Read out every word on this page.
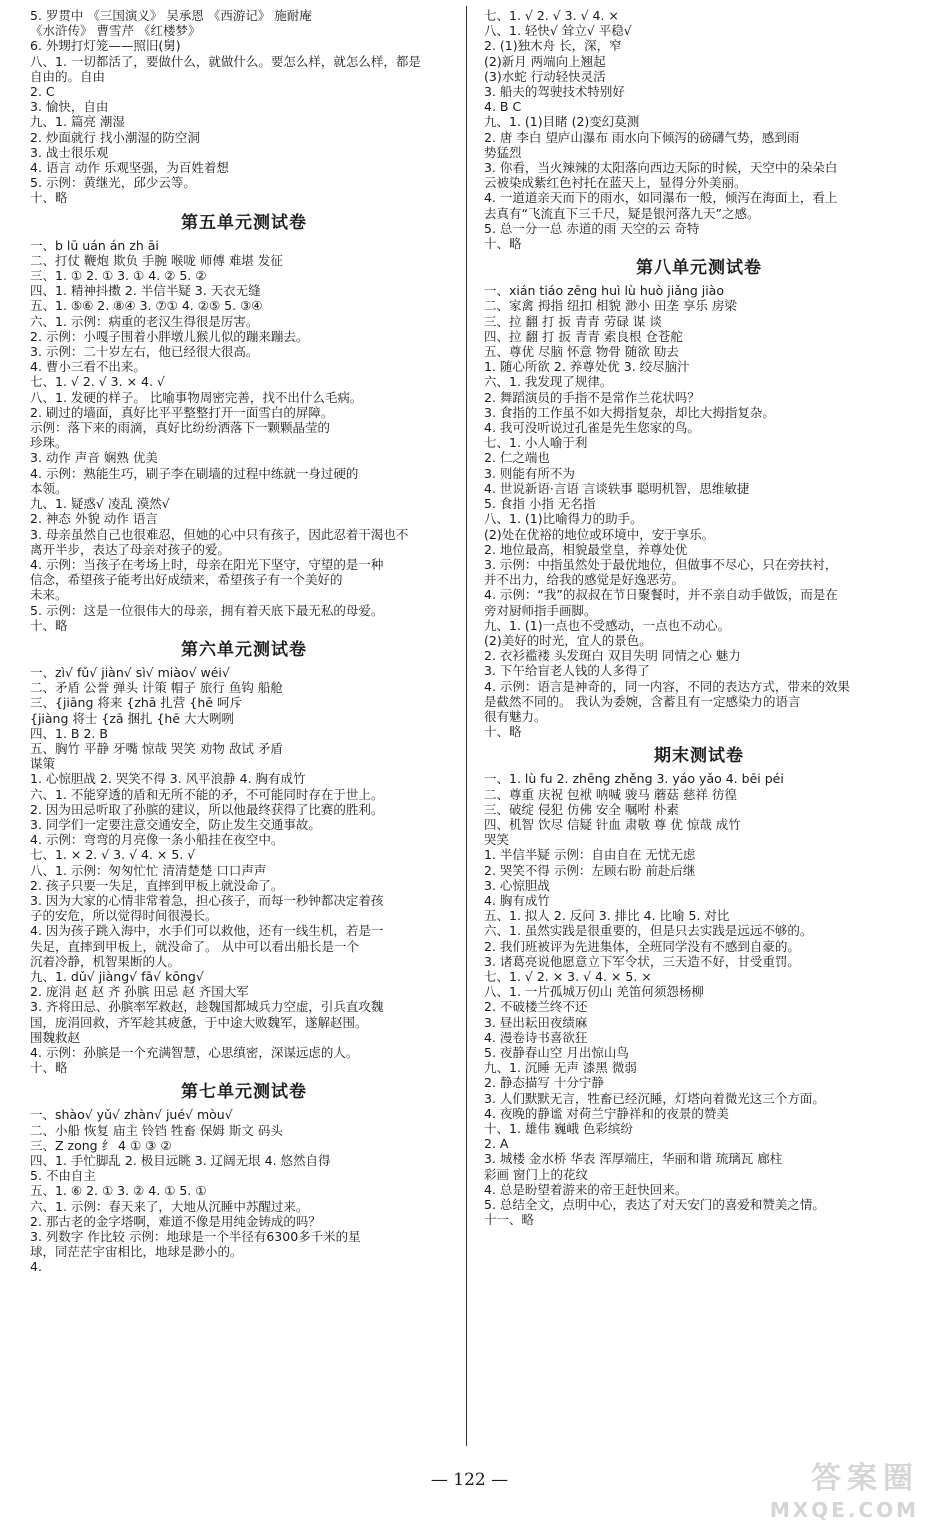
5. 罗贯中 《三国演义》 吴承恩 《西游记》 施耐庵
《水浒传》 曹雪芹 《红楼梦》
6. 外甥打灯笼——照旧(舅)
八、1. 一切都活了，要做什么，就做什么。要怎么样，就怎么样，都是
自由的。自由
2. C
3. 愉快，自由
九、1. 篇亮 潮湿
2. 炒面就行 找小潮湿的防空洞
3. 战士很乐观
4. 语言 动作 乐观坚强，为百姓着想
5. 示例：黄继光，邱少云等。
十、略
第五单元测试卷
一、b lū uán án zh āi
二、打仗 鞭炮 欺负 手腕 喉咙 师傅 难堪 发征
三、1. ① 2. ① 3. ① 4. ② 5. ②
四、1. 精神抖擞 2. 半信半疑 3. 天衣无缝
五、1. ⑤⑥ 2. ⑧④ 3. ⑦① 4. ②⑤ 5. ③④
六、1. 示例：病重的老汉生得很是厉害。
2. 示例：小嘎子围着小胖墩儿猴儿似的蹦来蹦去。
3. 示例：二十岁左右，他已经很大很高。
4. 曹小三看不出来。
七、1. √ 2. √ 3. × 4. √
八、1. 发硬的样子。 比喻事物周密完善，找不出什么毛病。
2. 刷过的墙面，真好比平平整整打开一面雪白的屏障。
示例：落下来的雨滴，真好比纷纷洒落下一颗颗晶莹的
珍珠。
3. 动作 声音 娴熟 优美
4. 示例：熟能生巧，刷子李在刷墙的过程中练就一身过硬的
本领。
九、1. 疑惑√ 凌乱 漠然√
2. 神态 外貌 动作 语言
3. 母亲虽然自己也很难忍，但她的心中只有孩子，因此忍着干渴也不
离开半步，表达了母亲对孩子的爱。
4. 示例：当孩子在考场上时，母亲在阳光下坚守，守望的是一种
信念，希望孩子能考出好成绩来，希望孩子有一个美好的
未来。
5. 示例：这是一位很伟大的母亲，拥有着天底下最无私的母爱。
十、略
第六单元测试卷
一、zì√ fǔ√ jiàn√ sì√ miào√ wéi√
二、矛盾 公誉 弹头 计策 帽子 旅行 鱼钩 船舱
三、{jiāng 将来 {zhā 扎营 {hē 呵斥
{jiàng 将士 {zā 捆扎 {hē 大大咧咧
四、1. B 2. B
五、胸竹 平静 牙嘴 惊哉 哭笑 劝物 敌试 矛盾
谋策
1. 心惊胆战 2. 哭笑不得 3. 风平浪静 4. 胸有成竹
六、1. 不能穿透的盾和无所不能的矛，不可能同时存在于世上。
2. 因为田忌听取了孙膑的建议，所以他最终获得了比赛的胜利。
3. 同学们一定要注意交通安全，防止发生交通事故。
4. 示例：弯弯的月亮像一条小船挂在夜空中。
七、1. × 2. √ 3. √ 4. × 5. √
八、1. 示例：匆匆忙忙 清清楚楚 口口声声
2. 孩子只要一失足，直摔到甲板上就没命了。
3. 因为大家的心情非常着急，担心孩子，而每一秒钟都决定着孩
子的安危，所以觉得时间很漫长。
4. 因为孩子跳入海中，水手们可以救他，还有一线生机，若是一
失足，直摔到甲板上，就没命了。 从中可以看出船长是一个
沉着冷静，机智果断的人。
九、1. dǔ√ jiàng√ fā√ kōng√
2. 庞涓 赵 赵 齐 孙膑 田忌 赵 齐国大军
3. 齐将田忌、孙膑率军救赵，趁魏国都城兵力空虚，引兵直攻魏
国，庞涓回救，齐军趁其疲惫，于中途大败魏军，遂解赵围。
围魏救赵
4. 示例：孙膑是一个充满智慧，心思缜密，深谋远虑的人。
十、略
第七单元测试卷
一、shào√ yǔ√ zhàn√ jué√ mòu√
二、小船 恢复 庙主 铃铛 牲畜 保姆 斯文 码头
三、Z zong 纟 4 ① ③ ②
四、1. 手忙脚乱 2. 极目远眺 3. 辽阔无垠 4. 悠然自得
5. 不由自主
五、1. ⑥ 2. ① 3. ② 4. ① 5. ①
六、1. 示例：春天来了，大地从沉睡中苏醒过来。
2. 那古老的金字塔啊，难道不像是用纯金铸成的吗？
3. 列数字 作比较 示例：地球是一个半径有6300多千米的星
球，同茫茫宇宙相比，地球是渺小的。
4.
七、1. √ 2. √ 3. √ 4. ×
八、1. 轻快√ 耸立√ 平稳√
2. (1)独木舟 长，深，窄
(2)新月 两端向上翘起
(3)水蛇 行动轻快灵活
3. 船夫的驾驶技术特别好
4. B C
九、1. (1)目睹 (2)变幻莫测
2. 唐 李白 望庐山瀑布 雨水向下倾泻的磅礴气势，感到雨
势猛烈
3. 你看，当火辣辣的太阳落向西边天际的时候，天空中的朵朵白
云被染成紫红色衬托在蓝天上，显得分外美丽。
4. 一道道亲天而下的雨水，如同瀑布一般，倾泻在海面上，看上
去真有“飞流直下三千尺，疑是银河落九天”之感。
5. 总一分一总 赤道的雨 天空的云 奇特
十、略
第八单元测试卷
一、xián tiáo zēng huì lù huò jiǎng jiào
二、家禽 拇指 纽扣 相貌 渺小 田垄 享乐 房梁
三、拉 翻 打 扳 青青 劳碌 谋 谈
四、拉 翻 打 扳 青青 索良根 仓苍舵
五、尊优 尽脑 怀意 物骨 随欲 劻去
1. 随心所欲 2. 养尊处优 3. 绞尽脑汁
六、1. 我发现了规律。
2. 舞蹈演员的手指不是常作兰花状吗？
3. 食指的工作虽不如大拇指复杂，却比大拇指复杂。
4. 我可没听说过孔雀是先生您家的鸟。
七、1. 小人喻于利
2. 仁之端也
3. 则能有所不为
4. 世说新语·言语 言谈轶事 聪明机智，思维敏捷
5. 食指 小指 无名指
八、1. (1)比喻得力的助手。
(2)处在优裕的地位或环境中，安于享乐。
2. 地位最高，相貌最堂皇，养尊处优
3. 示例：中指虽然处于最优地位，但做事不尽心，只在旁扶衬，
并不出力，给我的感觉是好逸恶劳。
4. 示例：“我”的叔叔在节日聚餐时，并不亲自动手做饭，而是在
旁对厨师指手画脚。
九、1. (1)一点也不受感动，一点也不动心。
(2)美好的时光，宜人的景色。
2. 衣衫褴褛 头发斑白 双目失明 同情之心 魅力
3. 下午给盲老人钱的人多得了
4. 示例：语言是神奇的，同一内容，不同的表达方式，带来的效果
是截然不同的。 我认为委婉，含蓄且有一定感染力的语言
很有魅力。
十、略
期末测试卷
一、1. lù fu 2. zhēng zhěng 3. yáo yǎo 4. bēi péi
二、尊重 庆祝 包袱 呐喊 骏马 蘑菇 慈祥 彷徨
三、破绽 侵犯 仿佛 安全 嘱咐 朴素
四、机智 饮尽 信疑 针血 肃敬 尊 优 惊哉 成竹
哭笑
1. 半信半疑 示例：自由自在 无忧无虑
2. 哭笑不得 示例：左顾右盼 前赴后继
3. 心惊胆战
4. 胸有成竹
五、1. 拟人 2. 反问 3. 排比 4. 比喻 5. 对比
六、1. 虽然实践是很重要的，但是只去实践是远远不够的。
2. 我们班被评为先进集体，全班同学没有不感到自豪的。
3. 诸葛亮说他愿意立下军令状，三天造不好，甘受重罚。
七、1. √ 2. × 3. √ 4. × 5. ×
八、1. 一片孤城万仞山 羌笛何须怨杨柳
2. 不破楼兰终不还
3. 昼出耘田夜绩麻
4. 漫卷诗书喜欲狂
5. 夜静春山空 月出惊山鸟
九、1. 沉睡 无声 漆黑 微弱
2. 静态描写 十分宁静
3. 人们默默无言，牲畜已经沉睡，灯塔向着微光这三个方面。
4. 夜晚的静谧 对荷兰宁静祥和的夜景的赞美
十、1. 雄伟 巍峨 色彩缤纷
2. A
3. 城楼 金水桥 华表 浑厚端庄，华丽和谐 琉璃瓦 廊柱
彩画 窗门上的花纹
4. 总是盼望着游来的帝王赶快回来。
5. 总结全文，点明中心，表达了对天安门的喜爱和赞美之情。
十一、略
— 122 —	答案圈
MXQE.COM
